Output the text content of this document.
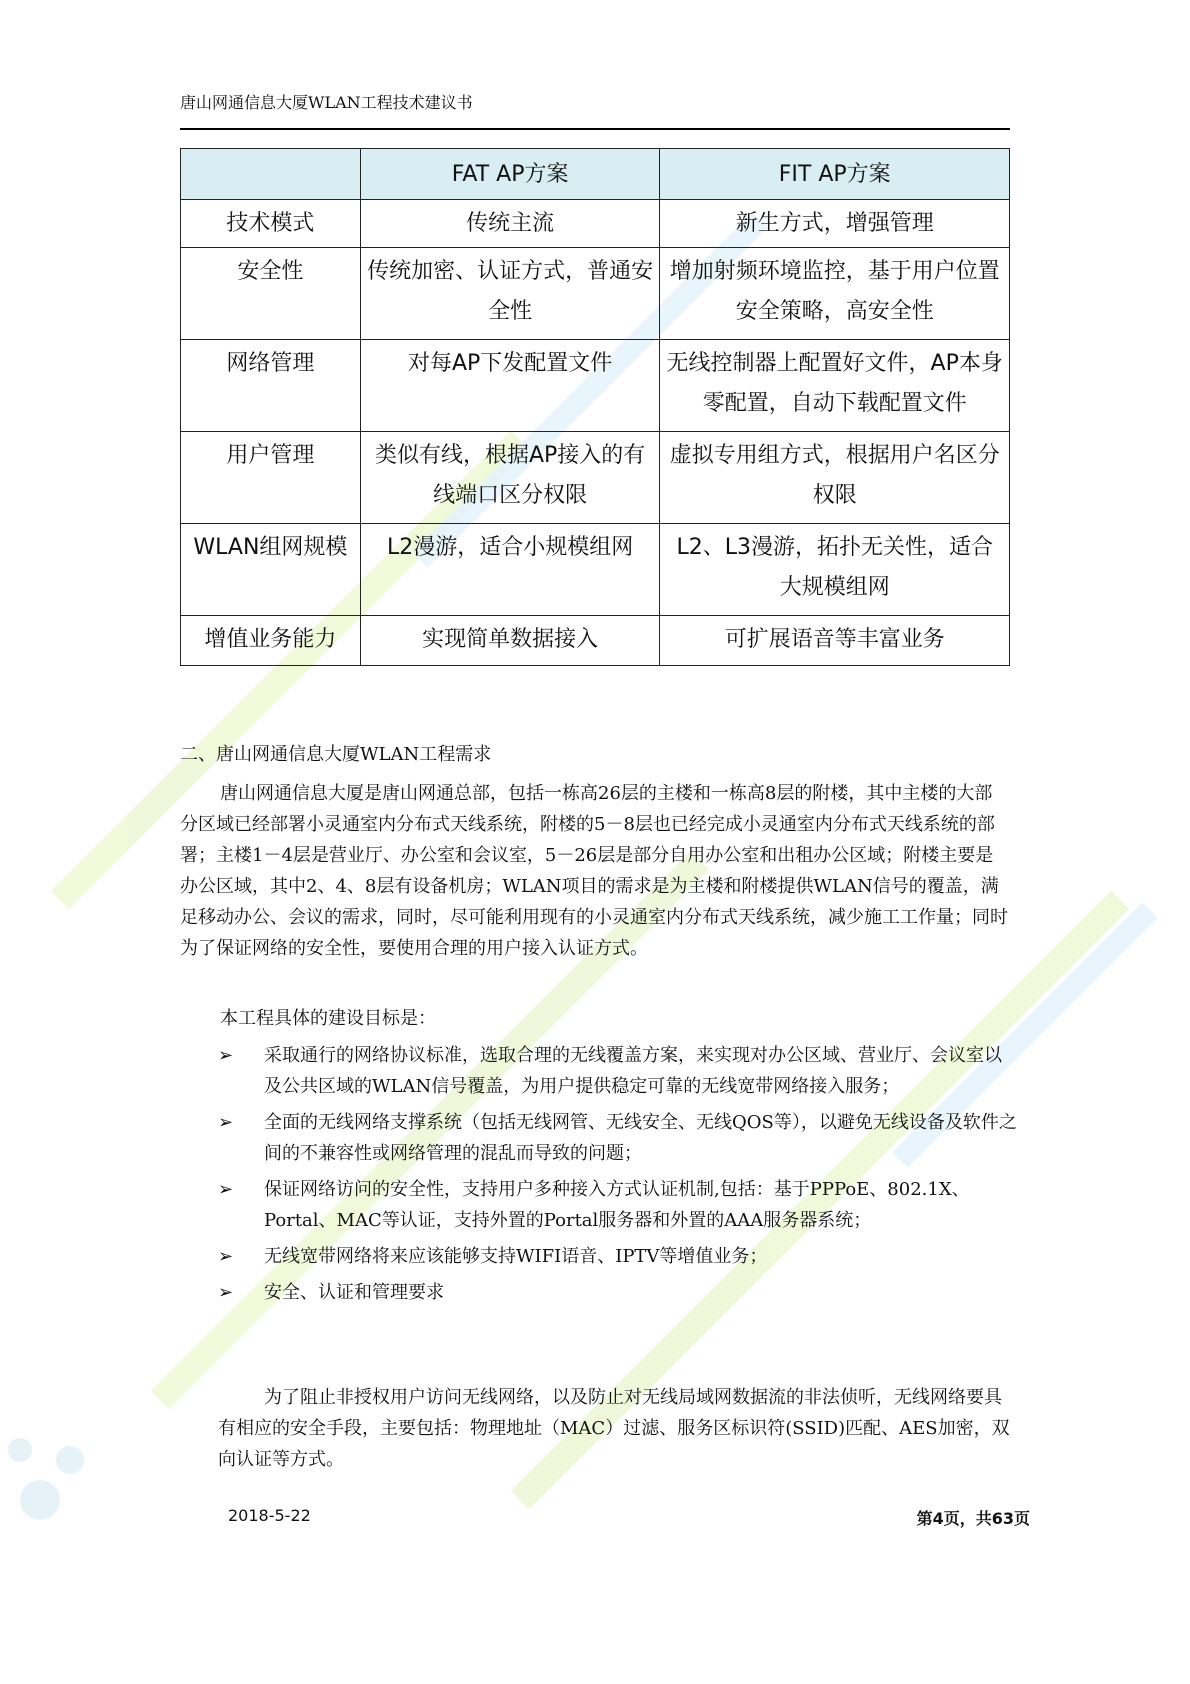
唐山网通信息大厦WLAN工程技术建议书
	FAT AP方案	FIT AP方案
技术模式	传统主流	新生方式，增强管理
安全性	传统加密、认证方式，普通安全性	增加射频环境监控，基于用户位置安全策略，高安全性
网络管理	对每AP下发配置文件	无线控制器上配置好文件，AP本身零配置，自动下载配置文件
用户管理	类似有线，根据AP接入的有线端口区分权限	虚拟专用组方式，根据用户名区分权限
WLAN组网规模	L2漫游，适合小规模组网	L2、L3漫游，拓扑无关性，适合大规模组网
增值业务能力	实现简单数据接入	可扩展语音等丰富业务
二、唐山网通信息大厦WLAN工程需求
唐山网通信息大厦是唐山网通总部，包括一栋高26层的主楼和一栋高8层的附楼，其中主楼的大部分区域已经部署小灵通室内分布式天线系统，附楼的5－8层也已经完成小灵通室内分布式天线系统的部署；主楼1－4层是营业厅、办公室和会议室，5－26层是部分自用办公室和出租办公区域；附楼主要是办公区域，其中2、4、8层有设备机房；WLAN项目的需求是为主楼和附楼提供WLAN信号的覆盖，满足移动办公、会议的需求，同时，尽可能利用现有的小灵通室内分布式天线系统，减少施工工作量；同时为了保证网络的安全性，要使用合理的用户接入认证方式。
本工程具体的建设目标是：
➢ 采取通行的网络协议标准，选取合理的无线覆盖方案，来实现对办公区域、营业厅、会议室以及公共区域的WLAN信号覆盖，为用户提供稳定可靠的无线宽带网络接入服务；
➢ 全面的无线网络支撑系统（包括无线网管、无线安全、无线QOS等），以避免无线设备及软件之间的不兼容性或网络管理的混乱而导致的问题；
➢ 保证网络访问的安全性，支持用户多种接入方式认证机制,包括：基于PPPoE、802.1X、Portal、MAC等认证，支持外置的Portal服务器和外置的AAA服务器系统；
➢ 无线宽带网络将来应该能够支持WIFI语音、IPTV等增值业务；
➢ 安全、认证和管理要求
为了阻止非授权用户访问无线网络，以及防止对无线局域网数据流的非法侦听，无线网络要具有相应的安全手段，主要包括：物理地址（MAC）过滤、服务区标识符(SSID)匹配、AES加密，双向认证等方式。
2018-5-22	第4页，共63页
